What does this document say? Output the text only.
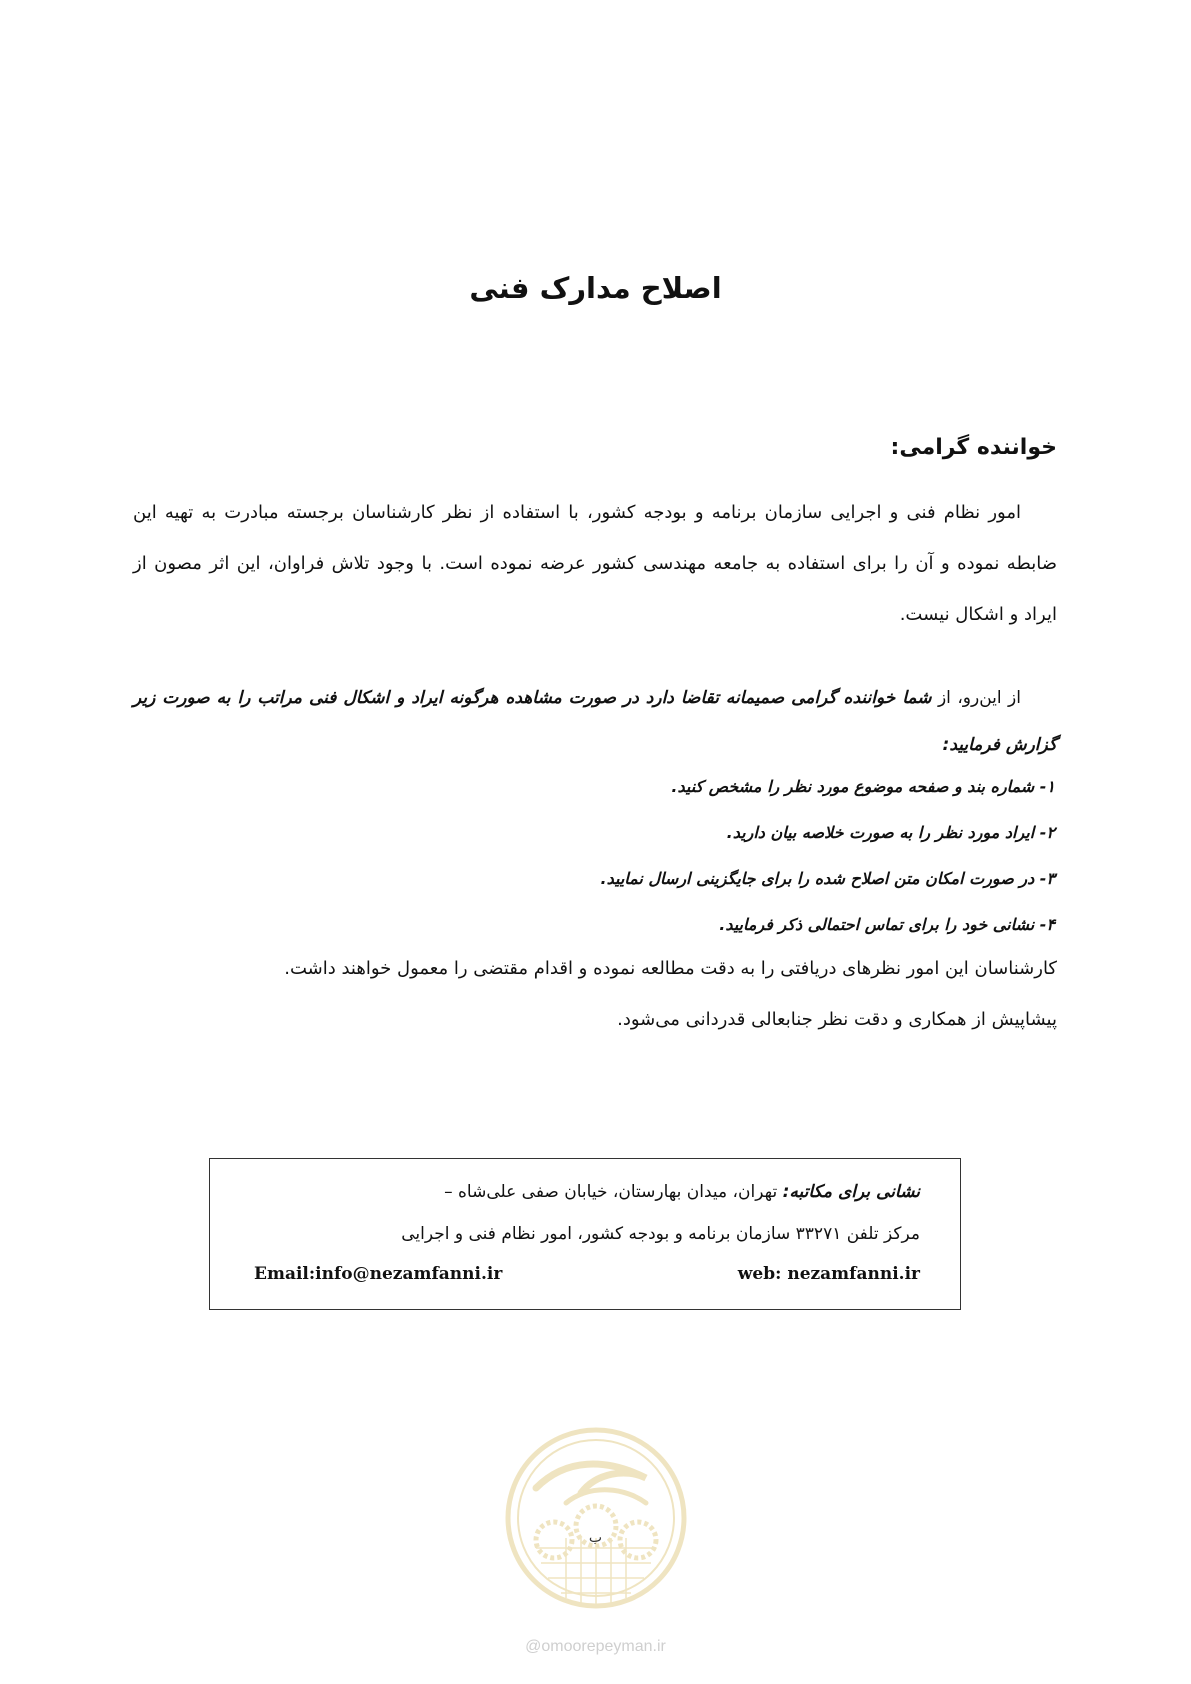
اصلاح مدارک فنی
خواننده گرامی:

امور نظام فنی و اجرایی سازمان برنامه و بودجه کشور، با استفاده از نظر کارشناسان برجسته مبادرت به تهیه این ضابطه نموده و آن را برای استفاده به جامعه مهندسی کشور عرضه نموده است. با وجود تلاش فراوان، این اثر مصون از ایراد و اشکال نیست.

از این‌رو، از شما خواننده گرامی صمیمانه تقاضا دارد در صورت مشاهده هرگونه ایراد و اشکال فنی مراتب را به صورت زیر گزارش فرمایید:

۱- شماره بند و صفحه موضوع مورد نظر را مشخص کنید.
۲- ایراد مورد نظر را به صورت خلاصه بیان دارید.
۳- در صورت امکان متن اصلاح شده را برای جایگزینی ارسال نمایید.
۴- نشانی خود را برای تماس احتمالی ذکر فرمایید.

کارشناسان این امور نظرهای دریافتی را به دقت مطالعه نموده و اقدام مقتضی را معمول خواهند داشت.

پیشاپیش از همکاری و دقت نظر جنابعالی قدردانی می‌شود.

نشانی برای مکاتبه: تهران، میدان بهارستان، خیابان صفی علی‌شاه –
مرکز تلفن ۳۳۲۷۱ سازمان برنامه و بودجه کشور، امور نظام فنی و اجرایی
web: nezamfanni.ir
Email:info@nezamfanni.ir
ب
@omoorepeyman.ir
